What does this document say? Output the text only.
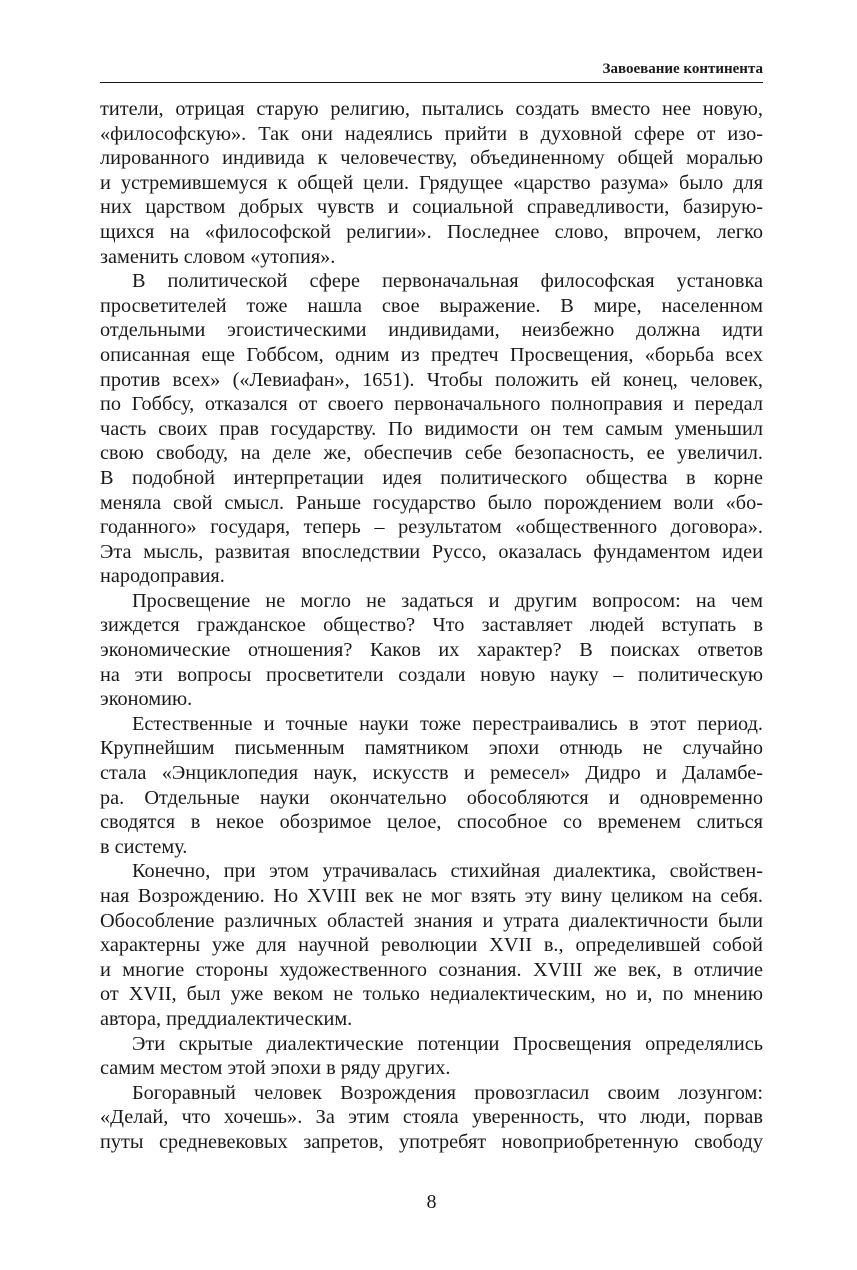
Завоевание континента
тители, отрицая старую религию, пытались создать вместо нее новую,
«философскую». Так они надеялись прийти в духовной сфере от изо-
лированного индивида к человечеству, объединенному общей моралью
и устремившемуся к общей цели. Грядущее «царство разума» было для
них царством добрых чувств и социальной справедливости, базирую-
щихся на «философской религии». Последнее слово, впрочем, легко
заменить словом «утопия».
В политической сфере первоначальная философская установка
просветителей тоже нашла свое выражение. В мире, населенном
отдельными эгоистическими индивидами, неизбежно должна идти
описанная еще Гоббсом, одним из предтеч Просвещения, «борьба всех
против всех» («Левиафан», 1651). Чтобы положить ей конец, человек,
по Гоббсу, отказался от своего первоначального полноправия и передал
часть своих прав государству. По видимости он тем самым уменьшил
свою свободу, на деле же, обеспечив себе безопасность, ее увеличил.
В подобной интерпретации идея политического общества в корне
меняла свой смысл. Раньше государство было порождением воли «бо-
годанного» государя, теперь – результатом «общественного договора».
Эта мысль, развитая впоследствии Руссо, оказалась фундаментом идеи
народоправия.
Просвещение не могло не задаться и другим вопросом: на чем
зиждется гражданское общество? Что заставляет людей вступать в
экономические отношения? Каков их характер? В поисках ответов
на эти вопросы просветители создали новую науку – политическую
экономию.
Естественные и точные науки тоже перестраивались в этот период.
Крупнейшим письменным памятником эпохи отнюдь не случайно
стала «Энциклопедия наук, искусств и ремесел» Дидро и Даламбе-
ра. Отдельные науки окончательно обособляются и одновременно
сводятся в некое обозримое целое, способное со временем слиться
в систему.
Конечно, при этом утрачивалась стихийная диалектика, свойствен-
ная Возрождению. Но XVIII век не мог взять эту вину целиком на себя.
Обособление различных областей знания и утрата диалектичности были
характерны уже для научной революции XVII в., определившей собой
и многие стороны художественного сознания. XVIII же век, в отличие
от XVII, был уже веком не только недиалектическим, но и, по мнению
автора, преддиалектическим.
Эти скрытые диалектические потенции Просвещения определялись
самим местом этой эпохи в ряду других.
Богоравный человек Возрождения провозгласил своим лозунгом:
«Делай, что хочешь». За этим стояла уверенность, что люди, порвав
путы средневековых запретов, употребят новоприобретенную свободу
8
